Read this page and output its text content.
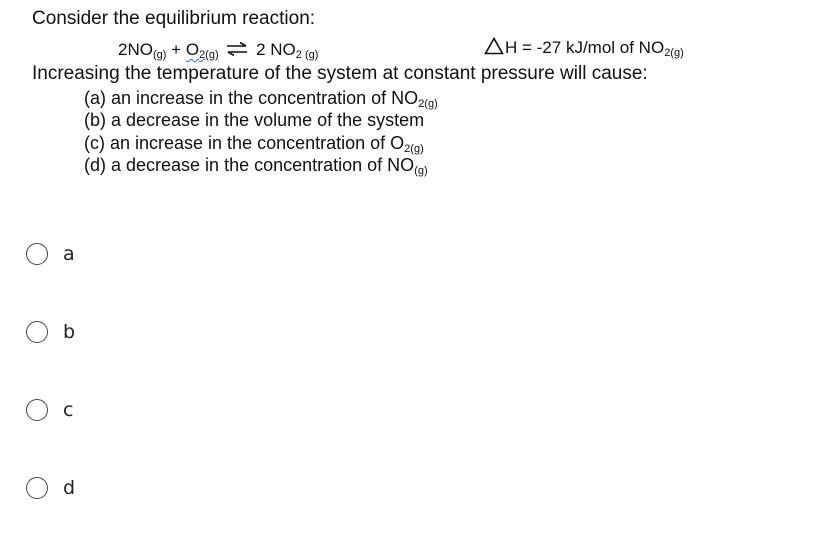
Consider the equilibrium reaction:
$2NO_{(g)} + O_{2(g)}$ ⇌ 2 $NO_{2 (g)}$	H = -27 kJ/mol of $NO_{2(g)}$
Increasing the temperature of the system at constant pressure will cause:
(a) an increase in the concentration of $NO_{2(g)}$
(b) a decrease in the volume of the system
(c) an increase in the concentration of $O_{2(g)}$
(d) a decrease in the concentration of $NO_{(g)}$
a
b
c
d
